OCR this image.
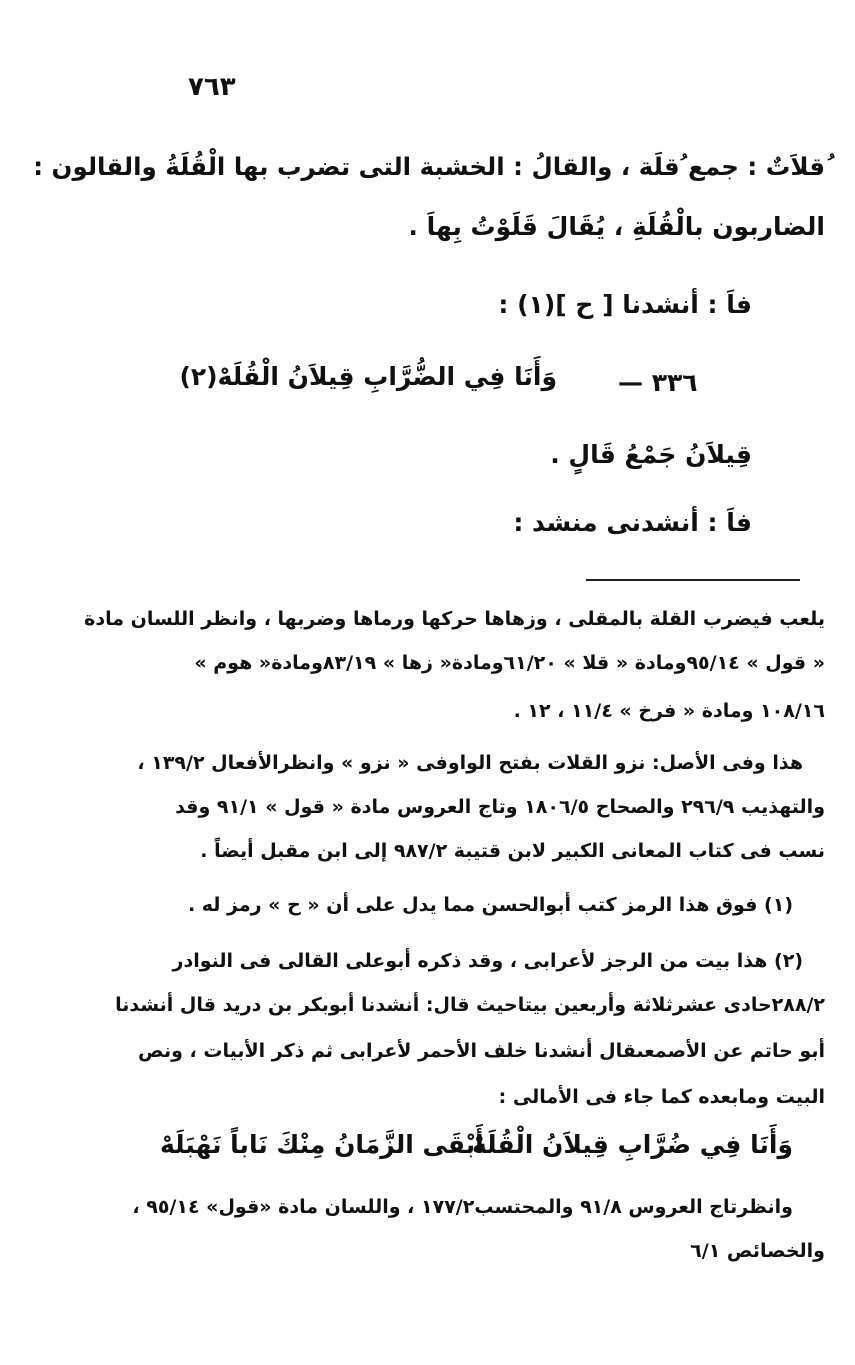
٧٦٣
ُقلاَتٌ : جمع ُقلَة ، والقالُ : الخشبة التى تضرب بها الْقُلَةُ والقالون :
الضاربون بالْقُلَةِ ، يُقَالَ قَلَوْتُ بِهاَ .
فاَ : أنشدنا [ ح ](١) :
٣٣٦ —
وَأَنَا فِي الضُّرَّابِ قِيلاَنُ الْقُلَهْ(٢)
قِيلاَنُ جَمْعُ قَالٍ .
فاَ : أنشدنى منشد :
يلعب فيضرب القلة بالمقلى ، وزهاها حركها ورماها وضربها ، وانظر اللسان مادة
« قول » ٩٥/١٤ومادة « قلا » ٦١/٢٠ومادة« زها » ٨٣/١٩ومادة« هوم »
١٠٨/١٦ ومادة « فرخ » ١١/٤ ، ١٢ .
هذا وفى الأصل: نزو القلات بفتح الواوفى « نزو » وانظرالأفعال ١٣٩/٢ ،
والتهذيب ٢٩٦/٩ والصحاح ١٨٠٦/٥ وتاج العروس مادة « قول » ٩١/١ وقد
نسب فى كتاب المعانى الكبير لابن قتيبة ٩٨٧/٢ إلى ابن مقبل أيضاً .
(١) فوق هذا الرمز كتب أبوالحسن مما يدل على أن « ح » رمز له .
(٢) هذا بيت من الرجز لأعرابى ، وقد ذكره أبوعلى القالى فى النوادر
٢٨٨/٢حادى عشرثلاثة وأربعين بيتاحيث قال: أنشدنا أبوبكر بن دريد قال أنشدنا
أبو حاتم عن الأصمعىقال أنشدنا خلف الأحمر لأعرابى ثم ذكر الأبيات ، ونص
البيت ومابعده كما جاء فى الأمالى :
وَأَنَا فِي ضُرَّابِ قِيلاَنُ الْقُلَهْ
أَبْقَى الزَّمَانُ مِنْكَ نَاباً نَهْبَلَهْ
وانظرتاج العروس ٩١/٨ والمحتسب١٧٧/٢ ، واللسان مادة «قول» ٩٥/١٤ ،
والخصائص ٦/١
